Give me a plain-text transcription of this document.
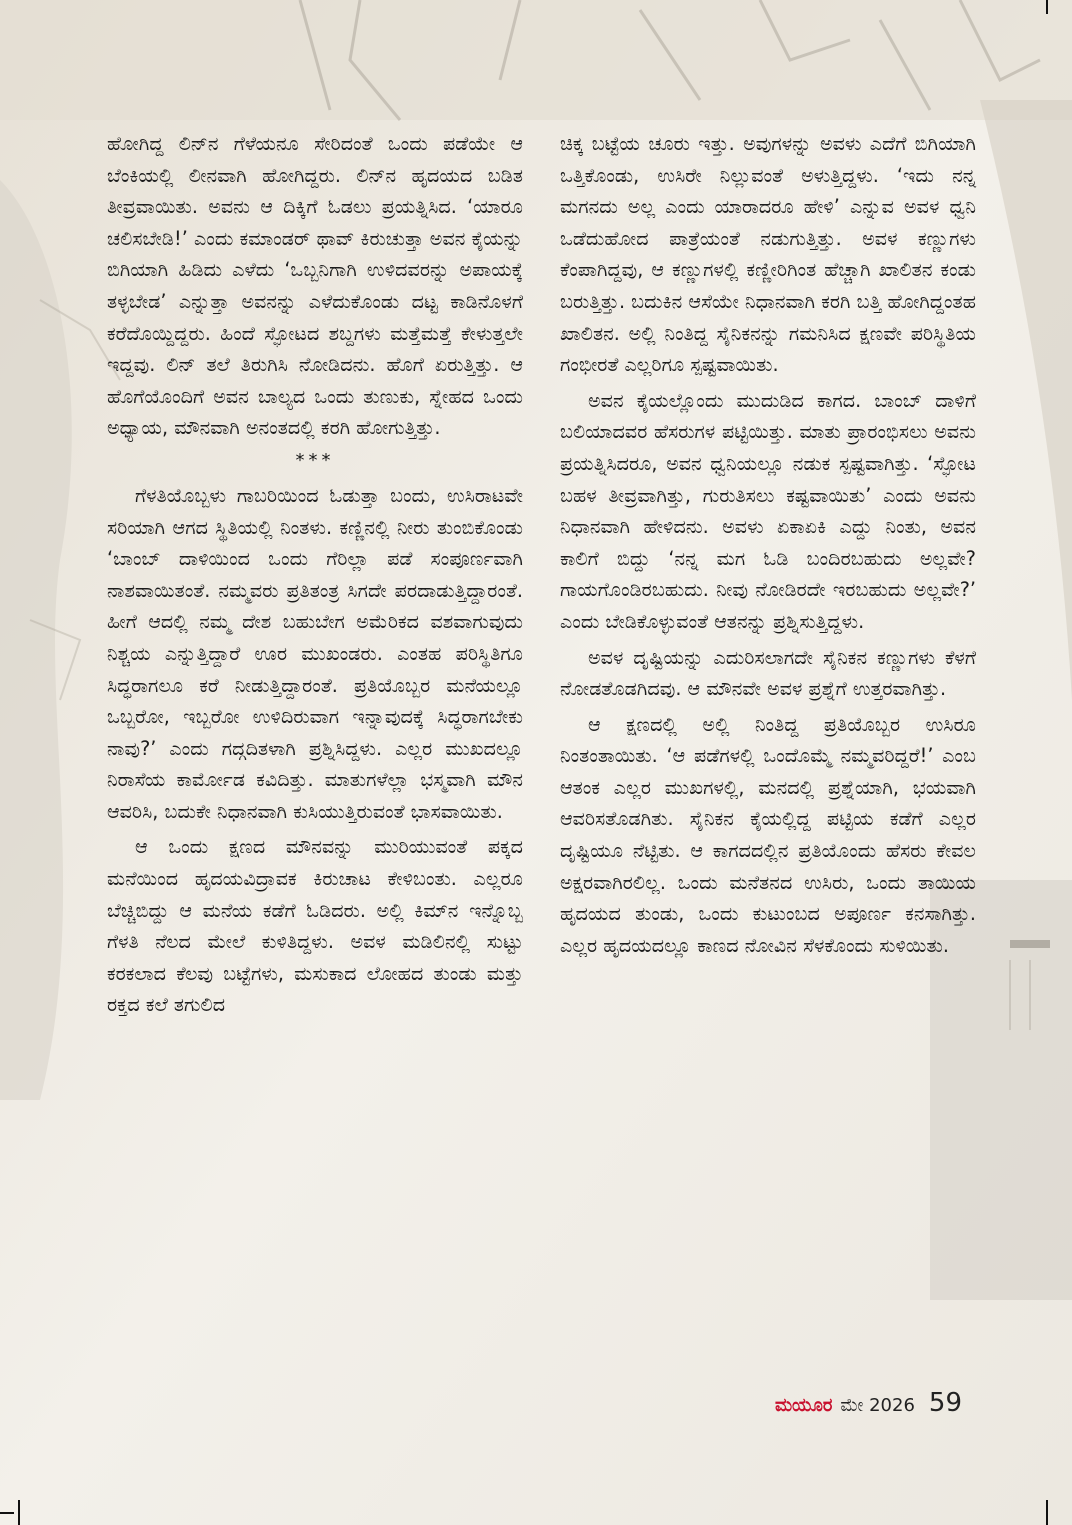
ಹೋಗಿದ್ದ ಲಿನ್‌ನ ಗೆಳೆಯನೂ ಸೇರಿದಂತೆ ಒಂದು ಪಡೆಯೇ ಆ ಬೆಂಕಿಯಲ್ಲಿ ಲೀನವಾಗಿ ಹೋಗಿದ್ದರು. ಲಿನ್‌ನ ಹೃದಯದ ಬಡಿತ ತೀವ್ರವಾಯಿತು. ಅವನು ಆ ದಿಕ್ಕಿಗೆ ಓಡಲು ಪ್ರಯತ್ನಿಸಿದ. ‘ಯಾರೂ ಚಲಿಸಬೇಡಿ!’ ಎಂದು ಕಮಾಂಡರ್ ಥಾವ್ ಕಿರುಚುತ್ತಾ ಅವನ ಕೈಯನ್ನು ಬಿಗಿಯಾಗಿ ಹಿಡಿದು ಎಳೆದು ‘ಒಬ್ಬನಿಗಾಗಿ ಉಳಿದವರನ್ನು ಅಪಾಯಕ್ಕೆ ತಳ್ಳಬೇಡ’ ಎನ್ನುತ್ತಾ ಅವನನ್ನು ಎಳೆದುಕೊಂಡು ದಟ್ಟ ಕಾಡಿನೊಳಗೆ ಕರೆದೊಯ್ದಿದ್ದರು. ಹಿಂದೆ ಸ್ಫೋಟದ ಶಬ್ದಗಳು ಮತ್ತೆಮತ್ತೆ ಕೇಳುತ್ತಲೇ ಇದ್ದವು. ಲಿನ್ ತಲೆ ತಿರುಗಿಸಿ ನೋಡಿದನು. ಹೊಗೆ ಏರುತ್ತಿತ್ತು. ಆ ಹೊಗೆಯೊಂದಿಗೆ ಅವನ ಬಾಲ್ಯದ ಒಂದು ತುಣುಕು, ಸ್ನೇಹದ ಒಂದು ಅಧ್ಯಾಯ, ಮೌನವಾಗಿ ಅನಂತದಲ್ಲಿ ಕರಗಿ ಹೋಗುತ್ತಿತ್ತು.

***

ಗೆಳತಿಯೊಬ್ಬಳು ಗಾಬರಿಯಿಂದ ಓಡುತ್ತಾ ಬಂದು, ಉಸಿರಾಟವೇ ಸರಿಯಾಗಿ ಆಗದ ಸ್ಥಿತಿಯಲ್ಲಿ ನಿಂತಳು. ಕಣ್ಣಿನಲ್ಲಿ ನೀರು ತುಂಬಿಕೊಂಡು ‘ಬಾಂಬ್ ದಾಳಿಯಿಂದ ಒಂದು ಗೆರಿಲ್ಲಾ ಪಡೆ ಸಂಪೂರ್ಣವಾಗಿ ನಾಶವಾಯಿತಂತೆ. ನಮ್ಮವರು ಪ್ರತಿತಂತ್ರ ಸಿಗದೇ ಪರದಾಡುತ್ತಿದ್ದಾರಂತೆ. ಹೀಗೆ ಆದಲ್ಲಿ ನಮ್ಮ ದೇಶ ಬಹುಬೇಗ ಅಮೆರಿಕದ ವಶವಾಗುವುದು ನಿಶ್ಚಯ ಎನ್ನುತ್ತಿದ್ದಾರೆ ಊರ ಮುಖಂಡರು. ಎಂತಹ ಪರಿಸ್ಥಿತಿಗೂ ಸಿದ್ಧರಾಗಲೂ ಕರೆ ನೀಡುತ್ತಿದ್ದಾರಂತೆ. ಪ್ರತಿಯೊಬ್ಬರ ಮನೆಯಲ್ಲೂ ಒಬ್ಬರೋ, ಇಬ್ಬರೋ ಉಳಿದಿರುವಾಗ ಇನ್ನಾವುದಕ್ಕೆ ಸಿದ್ಧರಾಗಬೇಕು ನಾವು?’ ಎಂದು ಗದ್ಗದಿತಳಾಗಿ ಪ್ರಶ್ನಿಸಿದ್ದಳು. ಎಲ್ಲರ ಮುಖದಲ್ಲೂ ನಿರಾಸೆಯ ಕಾರ್ಮೋಡ ಕವಿದಿತ್ತು. ಮಾತುಗಳೆಲ್ಲಾ ಭಸ್ಮವಾಗಿ ಮೌನ ಆವರಿಸಿ, ಬದುಕೇ ನಿಧಾನವಾಗಿ ಕುಸಿಯುತ್ತಿರುವಂತೆ ಭಾಸವಾಯಿತು.

ಆ ಒಂದು ಕ್ಷಣದ ಮೌನವನ್ನು ಮುರಿಯುವಂತೆ ಪಕ್ಕದ ಮನೆಯಿಂದ ಹೃದಯವಿದ್ರಾವಕ ಕಿರುಚಾಟ ಕೇಳಿಬಂತು. ಎಲ್ಲರೂ ಬೆಚ್ಚಿಬಿದ್ದು ಆ ಮನೆಯ ಕಡೆಗೆ ಓಡಿದರು. ಅಲ್ಲಿ ಕಿಮ್‌ನ ಇನ್ನೊಬ್ಬ ಗೆಳತಿ ನೆಲದ ಮೇಲೆ ಕುಳಿತಿದ್ದಳು. ಅವಳ ಮಡಿಲಿನಲ್ಲಿ ಸುಟ್ಟು ಕರಕಲಾದ ಕೆಲವು ಬಟ್ಟೆಗಳು, ಮಸುಕಾದ ಲೋಹದ ತುಂಡು ಮತ್ತು ರಕ್ತದ ಕಲೆ ತಗುಲಿದ

ಚಿಕ್ಕ ಬಟ್ಟೆಯ ಚೂರು ಇತ್ತು. ಅವುಗಳನ್ನು ಅವಳು ಎದೆಗೆ ಬಿಗಿಯಾಗಿ ಒತ್ತಿಕೊಂಡು, ಉಸಿರೇ ನಿಲ್ಲುವಂತೆ ಅಳುತ್ತಿದ್ದಳು. ‘ಇದು ನನ್ನ ಮಗನದು ಅಲ್ಲ ಎಂದು ಯಾರಾದರೂ ಹೇಳಿ’ ಎನ್ನುವ ಅವಳ ಧ್ವನಿ ಒಡೆದುಹೋದ ಪಾತ್ರೆಯಂತೆ ನಡುಗುತ್ತಿತ್ತು. ಅವಳ ಕಣ್ಣುಗಳು ಕೆಂಪಾಗಿದ್ದವು, ಆ ಕಣ್ಣುಗಳಲ್ಲಿ ಕಣ್ಣೀರಿಗಿಂತ ಹೆಚ್ಚಾಗಿ ಖಾಲಿತನ ಕಂಡು ಬರುತ್ತಿತ್ತು. ಬದುಕಿನ ಆಸೆಯೇ ನಿಧಾನವಾಗಿ ಕರಗಿ ಬತ್ತಿ ಹೋಗಿದ್ದಂತಹ ಖಾಲಿತನ. ಅಲ್ಲಿ ನಿಂತಿದ್ದ ಸೈನಿಕನನ್ನು ಗಮನಿಸಿದ ಕ್ಷಣವೇ ಪರಿಸ್ಥಿತಿಯ ಗಂಭೀರತೆ ಎಲ್ಲರಿಗೂ ಸ್ಪಷ್ಟವಾಯಿತು.

ಅವನ ಕೈಯಲ್ಲೊಂದು ಮುದುಡಿದ ಕಾಗದ. ಬಾಂಬ್ ದಾಳಿಗೆ ಬಲಿಯಾದವರ ಹೆಸರುಗಳ ಪಟ್ಟಿಯಿತ್ತು. ಮಾತು ಪ್ರಾರಂಭಿಸಲು ಅವನು ಪ್ರಯತ್ನಿಸಿದರೂ, ಅವನ ಧ್ವನಿಯಲ್ಲೂ ನಡುಕ ಸ್ಪಷ್ಟವಾಗಿತ್ತು. ‘ಸ್ಫೋಟ ಬಹಳ ತೀವ್ರವಾಗಿತ್ತು, ಗುರುತಿಸಲು ಕಷ್ಟವಾಯಿತು’ ಎಂದು ಅವನು ನಿಧಾನವಾಗಿ ಹೇಳಿದನು. ಅವಳು ಏಕಾಏಕಿ ಎದ್ದು ನಿಂತು, ಅವನ ಕಾಲಿಗೆ ಬಿದ್ದು ‘ನನ್ನ ಮಗ ಓಡಿ ಬಂದಿರಬಹುದು ಅಲ್ಲವೇ? ಗಾಯಗೊಂಡಿರಬಹುದು. ನೀವು ನೋಡಿರದೇ ಇರಬಹುದು ಅಲ್ಲವೇ?’ ಎಂದು ಬೇಡಿಕೊಳ್ಳುವಂತೆ ಆತನನ್ನು ಪ್ರಶ್ನಿಸುತ್ತಿದ್ದಳು.

ಅವಳ ದೃಷ್ಟಿಯನ್ನು ಎದುರಿಸಲಾಗದೇ ಸೈನಿಕನ ಕಣ್ಣುಗಳು ಕೆಳಗೆ ನೋಡತೊಡಗಿದವು. ಆ ಮೌನವೇ ಅವಳ ಪ್ರಶ್ನೆಗೆ ಉತ್ತರವಾಗಿತ್ತು.

ಆ ಕ್ಷಣದಲ್ಲಿ ಅಲ್ಲಿ ನಿಂತಿದ್ದ ಪ್ರತಿಯೊಬ್ಬರ ಉಸಿರೂ ನಿಂತಂತಾಯಿತು. ‘ಆ ಪಡೆಗಳಲ್ಲಿ ಒಂದೊಮ್ಮೆ ನಮ್ಮವರಿದ್ದರೆ!’ ಎಂಬ ಆತಂಕ ಎಲ್ಲರ ಮುಖಗಳಲ್ಲಿ, ಮನದಲ್ಲಿ ಪ್ರಶ್ನೆಯಾಗಿ, ಭಯವಾಗಿ ಆವರಿಸತೊಡಗಿತು. ಸೈನಿಕನ ಕೈಯಲ್ಲಿದ್ದ ಪಟ್ಟಿಯ ಕಡೆಗೆ ಎಲ್ಲರ ದೃಷ್ಟಿಯೂ ನೆಟ್ಟಿತು. ಆ ಕಾಗದದಲ್ಲಿನ ಪ್ರತಿಯೊಂದು ಹೆಸರು ಕೇವಲ ಅಕ್ಷರವಾಗಿರಲಿಲ್ಲ. ಒಂದು ಮನೆತನದ ಉಸಿರು, ಒಂದು ತಾಯಿಯ ಹೃದಯದ ತುಂಡು, ಒಂದು ಕುಟುಂಬದ ಅಪೂರ್ಣ ಕನಸಾಗಿತ್ತು. ಎಲ್ಲರ ಹೃದಯದಲ್ಲೂ ಕಾಣದ ನೋವಿನ ಸೆಳಕೊಂದು ಸುಳಿಯಿತು.

ಮಯೂರ ಮೇ 2026 59
